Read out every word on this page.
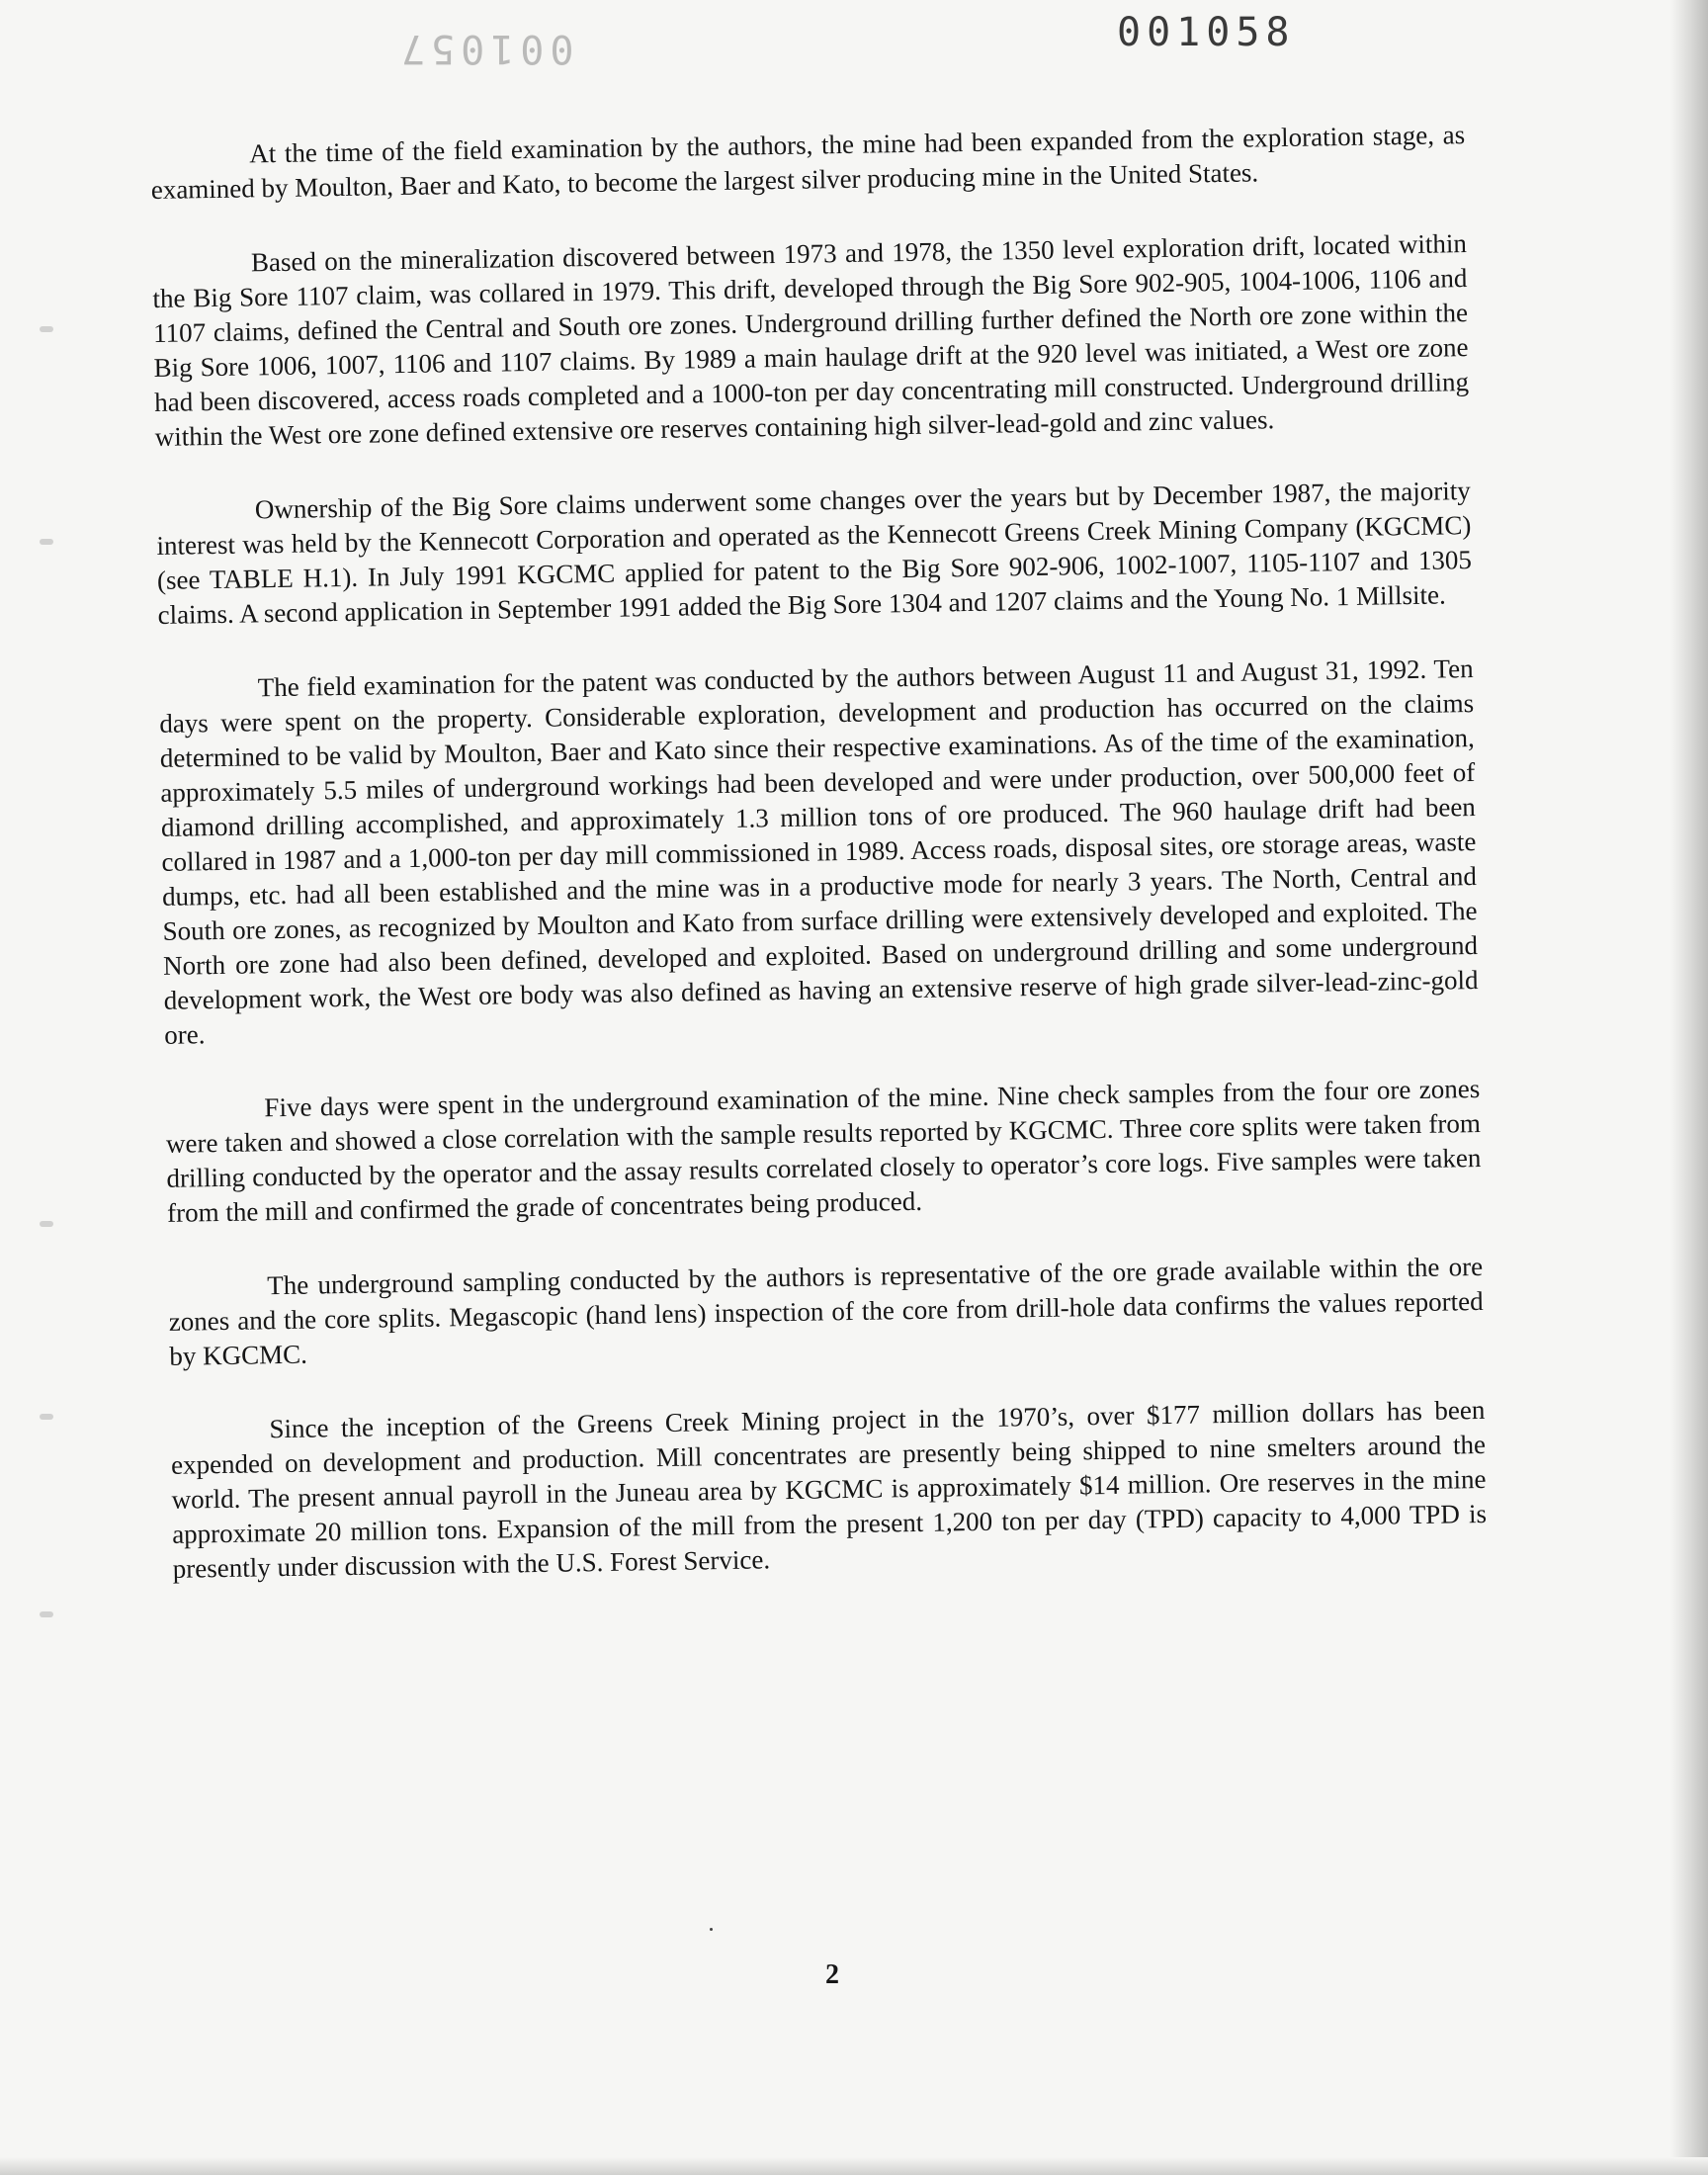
001057	001058

At the time of the field examination by the authors, the mine had been expanded from the exploration stage, as examined by Moulton, Baer and Kato, to become the largest silver producing mine in the United States.

Based on the mineralization discovered between 1973 and 1978, the 1350 level exploration drift, located within the Big Sore 1107 claim, was collared in 1979. This drift, developed through the Big Sore 902-905, 1004-1006, 1106 and 1107 claims, defined the Central and South ore zones. Underground drilling further defined the North ore zone within the Big Sore 1006, 1007, 1106 and 1107 claims. By 1989 a main haulage drift at the 920 level was initiated, a West ore zone had been discovered, access roads completed and a 1000-ton per day concentrating mill constructed. Underground drilling within the West ore zone defined extensive ore reserves containing high silver-lead-gold and zinc values.

Ownership of the Big Sore claims underwent some changes over the years but by December 1987, the majority interest was held by the Kennecott Corporation and operated as the Kennecott Greens Creek Mining Company (KGCMC) (see TABLE H.1). In July 1991 KGCMC applied for patent to the Big Sore 902-906, 1002-1007, 1105-1107 and 1305 claims. A second application in September 1991 added the Big Sore 1304 and 1207 claims and the Young No. 1 Millsite.

The field examination for the patent was conducted by the authors between August 11 and August 31, 1992. Ten days were spent on the property. Considerable exploration, development and production has occurred on the claims determined to be valid by Moulton, Baer and Kato since their respective examinations. As of the time of the examination, approximately 5.5 miles of underground workings had been developed and were under production, over 500,000 feet of diamond drilling accomplished, and approximately 1.3 million tons of ore produced. The 960 haulage drift had been collared in 1987 and a 1,000-ton per day mill commissioned in 1989. Access roads, disposal sites, ore storage areas, waste dumps, etc. had all been established and the mine was in a productive mode for nearly 3 years. The North, Central and South ore zones, as recognized by Moulton and Kato from surface drilling were extensively developed and exploited. The North ore zone had also been defined, developed and exploited. Based on underground drilling and some underground development work, the West ore body was also defined as having an extensive reserve of high grade silver-lead-zinc-gold ore.

Five days were spent in the underground examination of the mine. Nine check samples from the four ore zones were taken and showed a close correlation with the sample results reported by KGCMC. Three core splits were taken from drilling conducted by the operator and the assay results correlated closely to operator’s core logs. Five samples were taken from the mill and confirmed the grade of concentrates being produced.

The underground sampling conducted by the authors is representative of the ore grade available within the ore zones and the core splits. Megascopic (hand lens) inspection of the core from drill-hole data confirms the values reported by KGCMC.

Since the inception of the Greens Creek Mining project in the 1970’s, over $177 million dollars has been expended on development and production. Mill concentrates are presently being shipped to nine smelters around the world. The present annual payroll in the Juneau area by KGCMC is approximately $14 million. Ore reserves in the mine approximate 20 million tons. Expansion of the mill from the present 1,200 ton per day (TPD) capacity to 4,000 TPD is presently under discussion with the U.S. Forest Service.

2
